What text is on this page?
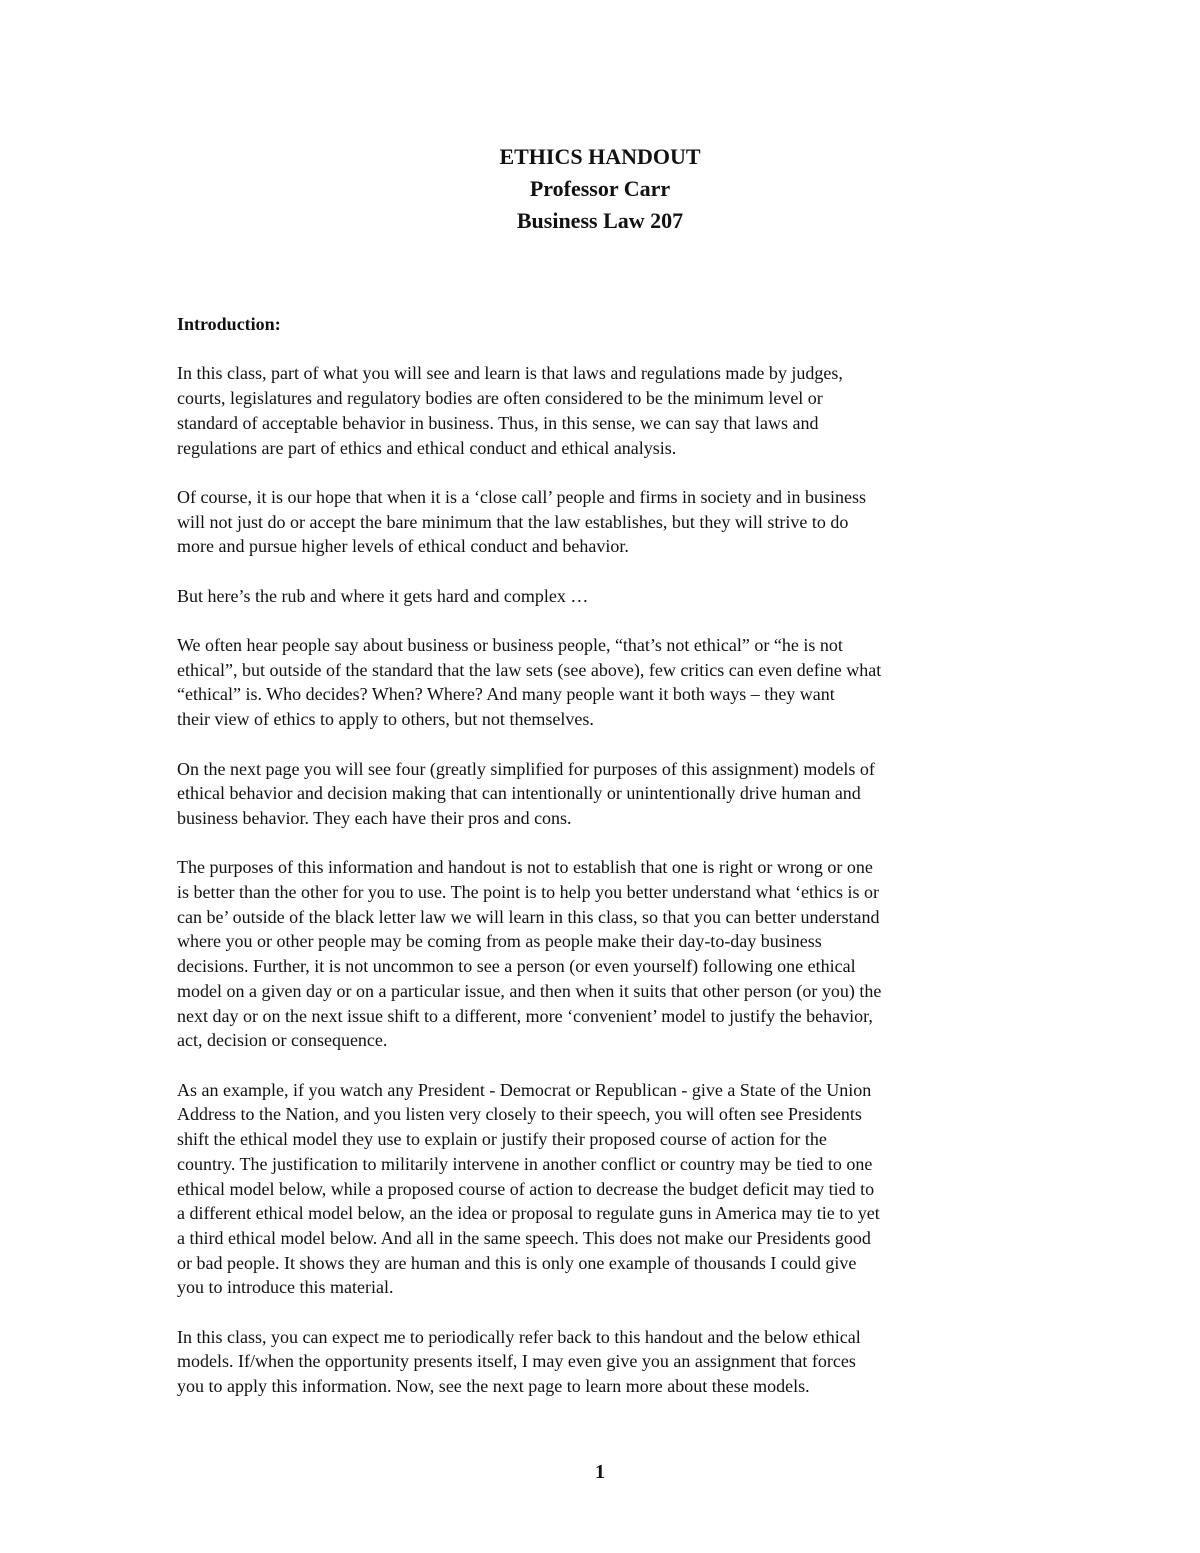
ETHICS HANDOUT
Professor Carr
Business Law 207
Introduction:
In this class, part of what you will see and learn is that laws and regulations made by judges,
courts, legislatures and regulatory bodies are often considered to be the minimum level or
standard of acceptable behavior in business. Thus, in this sense, we can say that laws and
regulations are part of ethics and ethical conduct and ethical analysis.
Of course, it is our hope that when it is a ‘close call’ people and firms in society and in business
will not just do or accept the bare minimum that the law establishes, but they will strive to do
more and pursue higher levels of ethical conduct and behavior.
But here’s the rub and where it gets hard and complex …
We often hear people say about business or business people, “that’s not ethical” or “he is not
ethical”, but outside of the standard that the law sets (see above), few critics can even define what
“ethical” is. Who decides? When? Where? And many people want it both ways – they want
their view of ethics to apply to others, but not themselves.
On the next page you will see four (greatly simplified for purposes of this assignment) models of
ethical behavior and decision making that can intentionally or unintentionally drive human and
business behavior. They each have their pros and cons.
The purposes of this information and handout is not to establish that one is right or wrong or one
is better than the other for you to use. The point is to help you better understand what ‘ethics is or
can be’ outside of the black letter law we will learn in this class, so that you can better understand
where you or other people may be coming from as people make their day-to-day business
decisions. Further, it is not uncommon to see a person (or even yourself) following one ethical
model on a given day or on a particular issue, and then when it suits that other person (or you) the
next day or on the next issue shift to a different, more ‘convenient’ model to justify the behavior,
act, decision or consequence.
As an example, if you watch any President - Democrat or Republican - give a State of the Union
Address to the Nation, and you listen very closely to their speech, you will often see Presidents
shift the ethical model they use to explain or justify their proposed course of action for the
country. The justification to militarily intervene in another conflict or country may be tied to one
ethical model below, while a proposed course of action to decrease the budget deficit may tied to
a different ethical model below, an the idea or proposal to regulate guns in America may tie to yet
a third ethical model below. And all in the same speech. This does not make our Presidents good
or bad people. It shows they are human and this is only one example of thousands I could give
you to introduce this material.
In this class, you can expect me to periodically refer back to this handout and the below ethical
models. If/when the opportunity presents itself, I may even give you an assignment that forces
you to apply this information. Now, see the next page to learn more about these models.
1
